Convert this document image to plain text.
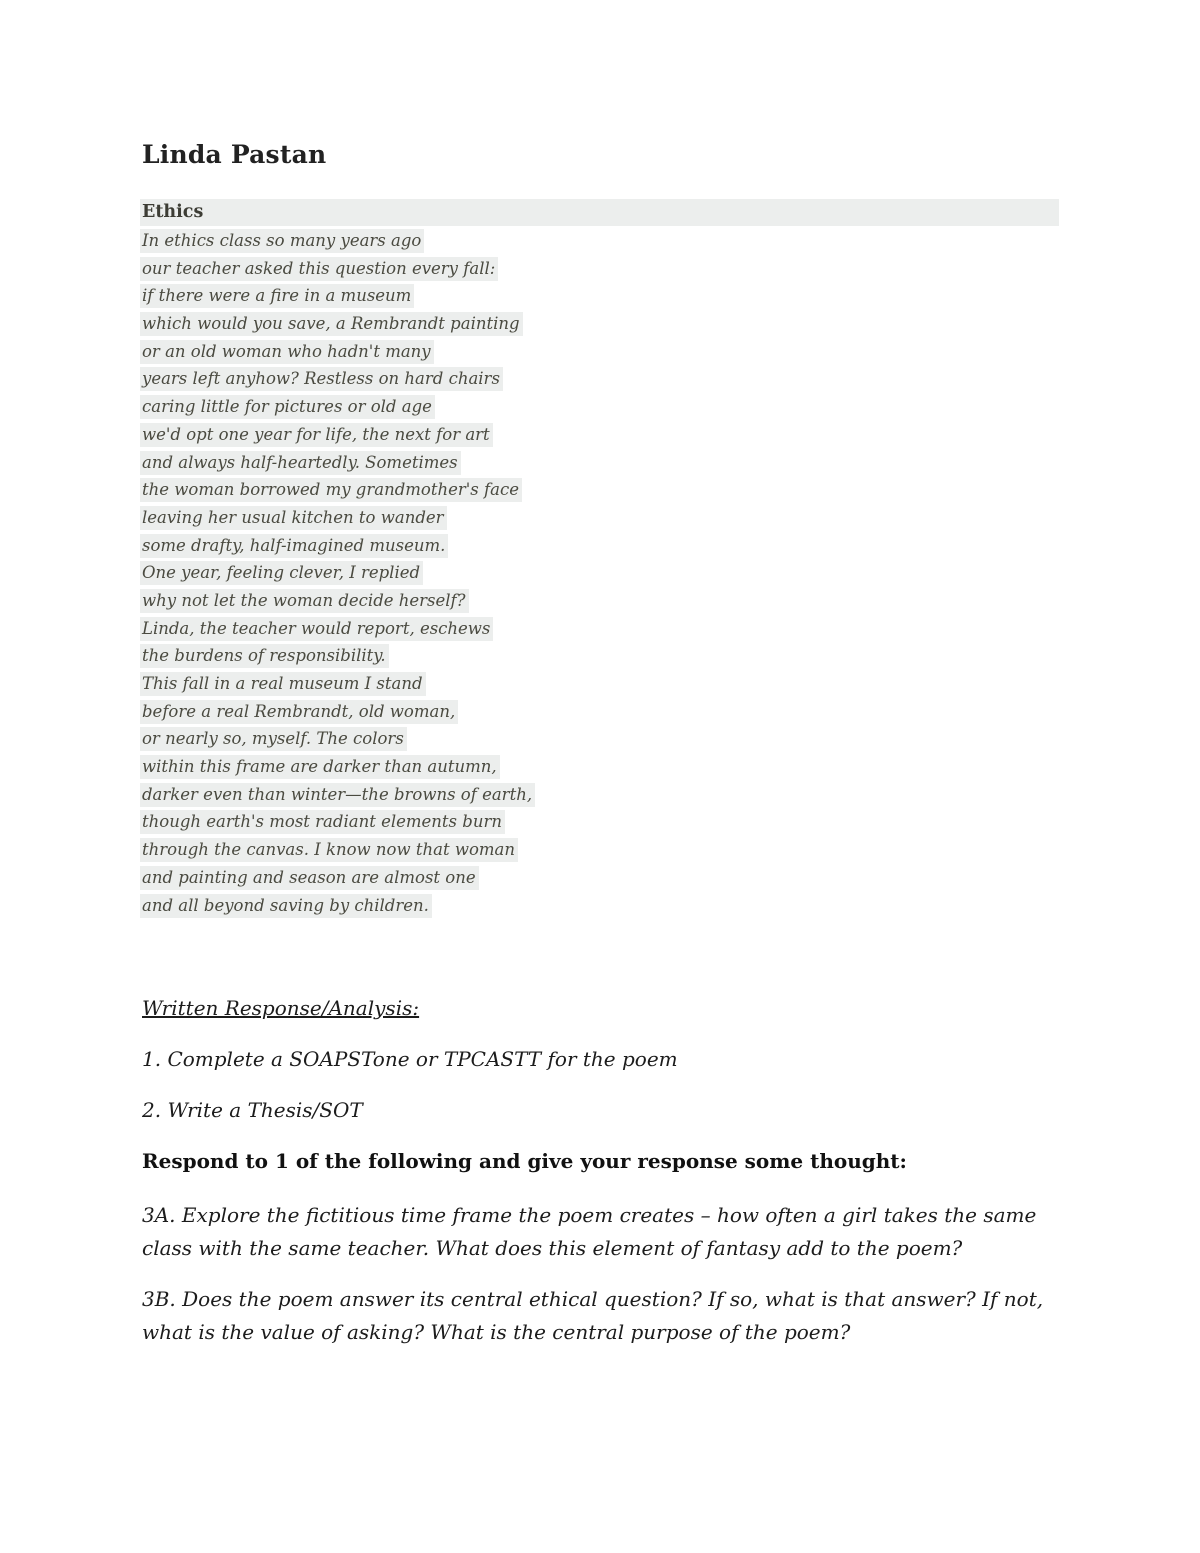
Linda Pastan
Ethics
In ethics class so many years ago
our teacher asked this question every fall:
if there were a fire in a museum
which would you save, a Rembrandt painting
or an old woman who hadn't many
years left anyhow? Restless on hard chairs
caring little for pictures or old age
we'd opt one year for life, the next for art
and always half-heartedly. Sometimes
the woman borrowed my grandmother's face
leaving her usual kitchen to wander
some drafty, half-imagined museum.
One year, feeling clever, I replied
why not let the woman decide herself?
Linda, the teacher would report, eschews
the burdens of responsibility.
This fall in a real museum I stand
before a real Rembrandt, old woman,
or nearly so, myself. The colors
within this frame are darker than autumn,
darker even than winter—the browns of earth,
though earth's most radiant elements burn
through the canvas. I know now that woman
and painting and season are almost one
and all beyond saving by children.
Written Response/Analysis:
1. Complete a SOAPSTone or TPCASTT for the poem
2. Write a Thesis/SOT
Respond to 1 of the following and give your response some thought:
3A. Explore the fictitious time frame the poem creates – how often a girl takes the same class with the same teacher. What does this element of fantasy add to the poem?
3B. Does the poem answer its central ethical question? If so, what is that answer? If not, what is the value of asking? What is the central purpose of the poem?
